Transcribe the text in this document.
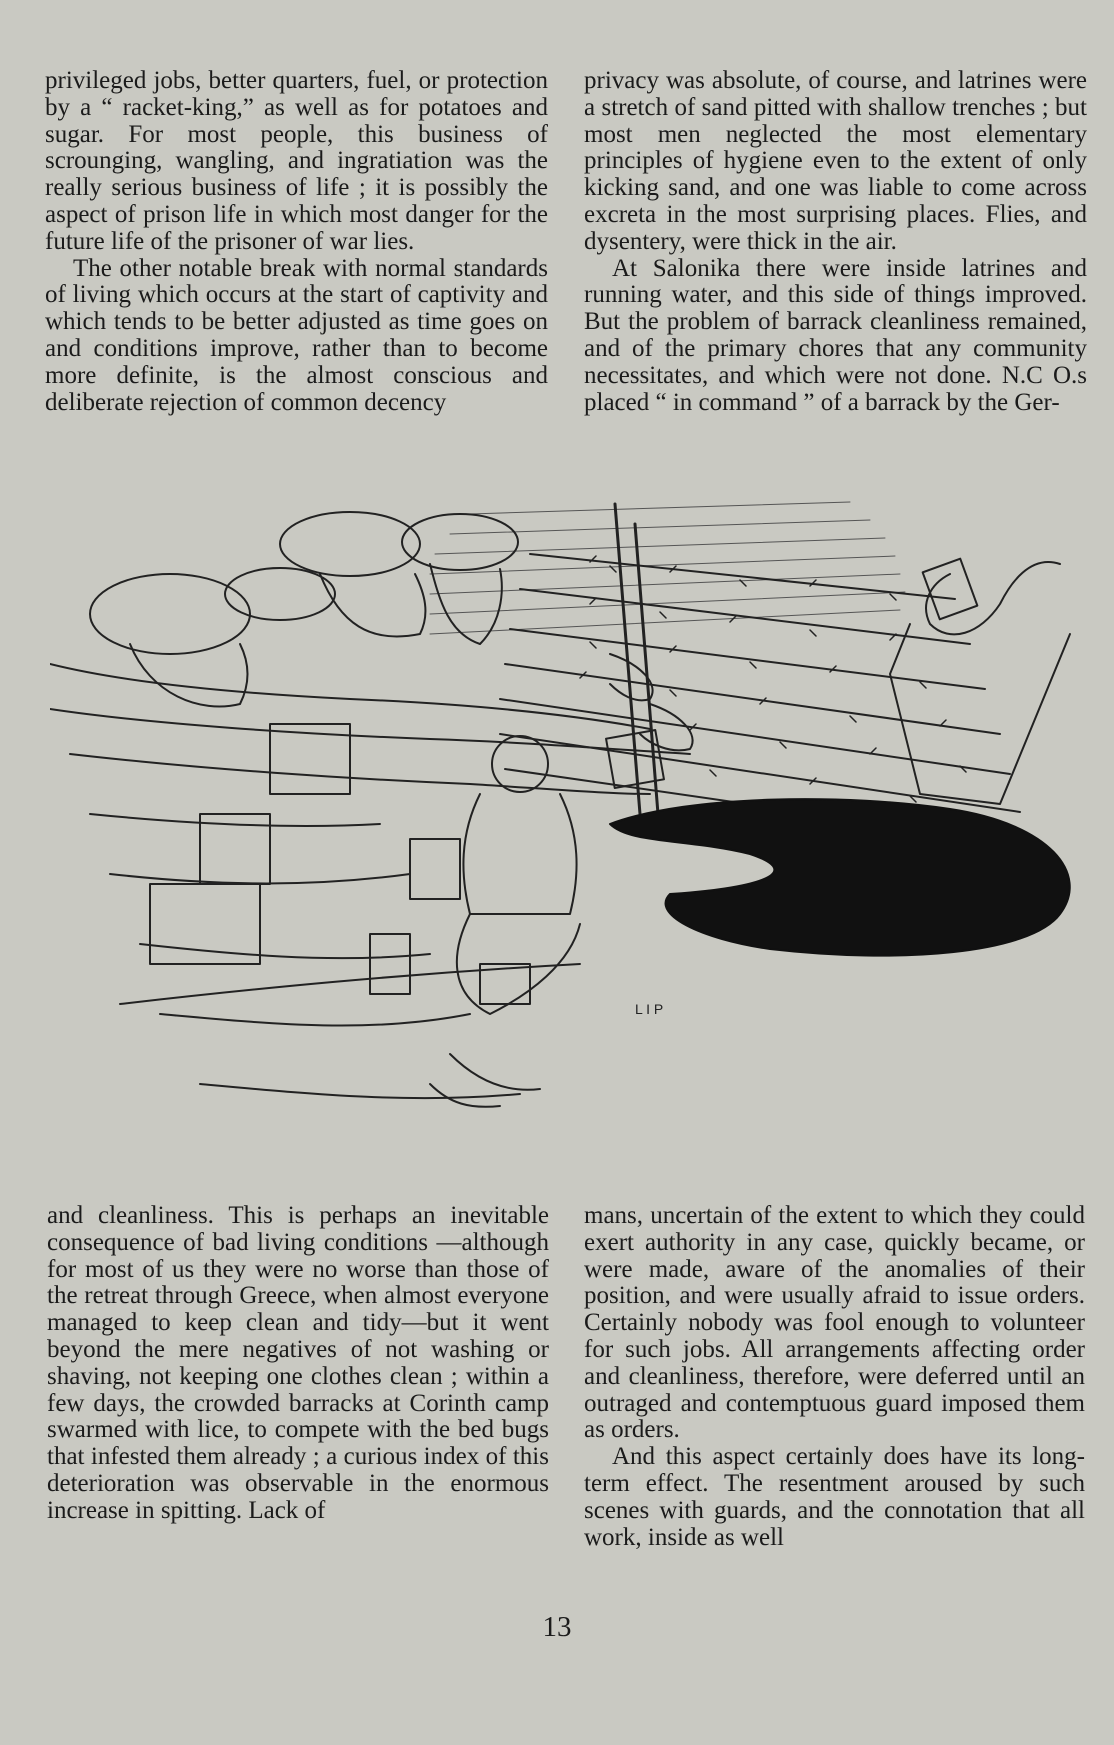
privileged jobs, better quarters, fuel, or protection by a “ racket-king,” as well as for potatoes and sugar. For most people, this business of scrounging, wangling, and ingratiation was the really serious business of life ; it is possibly the aspect of prison life in which most danger for the future life of the prisoner of war lies.

The other notable break with normal standards of living which occurs at the start of captivity and which tends to be better adjusted as time goes on and conditions improve, rather than to become more definite, is the almost conscious and deliberate rejection of common decency

privacy was absolute, of course, and latrines were a stretch of sand pitted with shallow trenches ; but most men neglected the most elementary principles of hygiene even to the extent of only kicking sand, and one was liable to come across excreta in the most surprising places. Flies, and dysentery, were thick in the air.

At Salonika there were inside latrines and running water, and this side of things improved. But the problem of barrack cleanliness remained, and of the primary chores that any community necessitates, and which were not done. N.C O.s placed “ in command ” of a barrack by the Ger-

L I P

and cleanliness. This is perhaps an inevitable consequence of bad living conditions —although for most of us they were no worse than those of the retreat through Greece, when almost everyone managed to keep clean and tidy—but it went beyond the mere negatives of not washing or shaving, not keeping one clothes clean ; within a few days, the crowded barracks at Corinth camp swarmed with lice, to compete with the bed bugs that infested them already ; a curious index of this deterioration was observable in the enormous increase in spitting. Lack of

mans, uncertain of the extent to which they could exert authority in any case, quickly became, or were made, aware of the anomalies of their position, and were usually afraid to issue orders. Certainly nobody was fool enough to volunteer for such jobs. All arrangements affecting order and cleanliness, therefore, were deferred until an outraged and contemptuous guard imposed them as orders.

And this aspect certainly does have its long-term effect. The resentment aroused by such scenes with guards, and the connotation that all work, inside as well

13
